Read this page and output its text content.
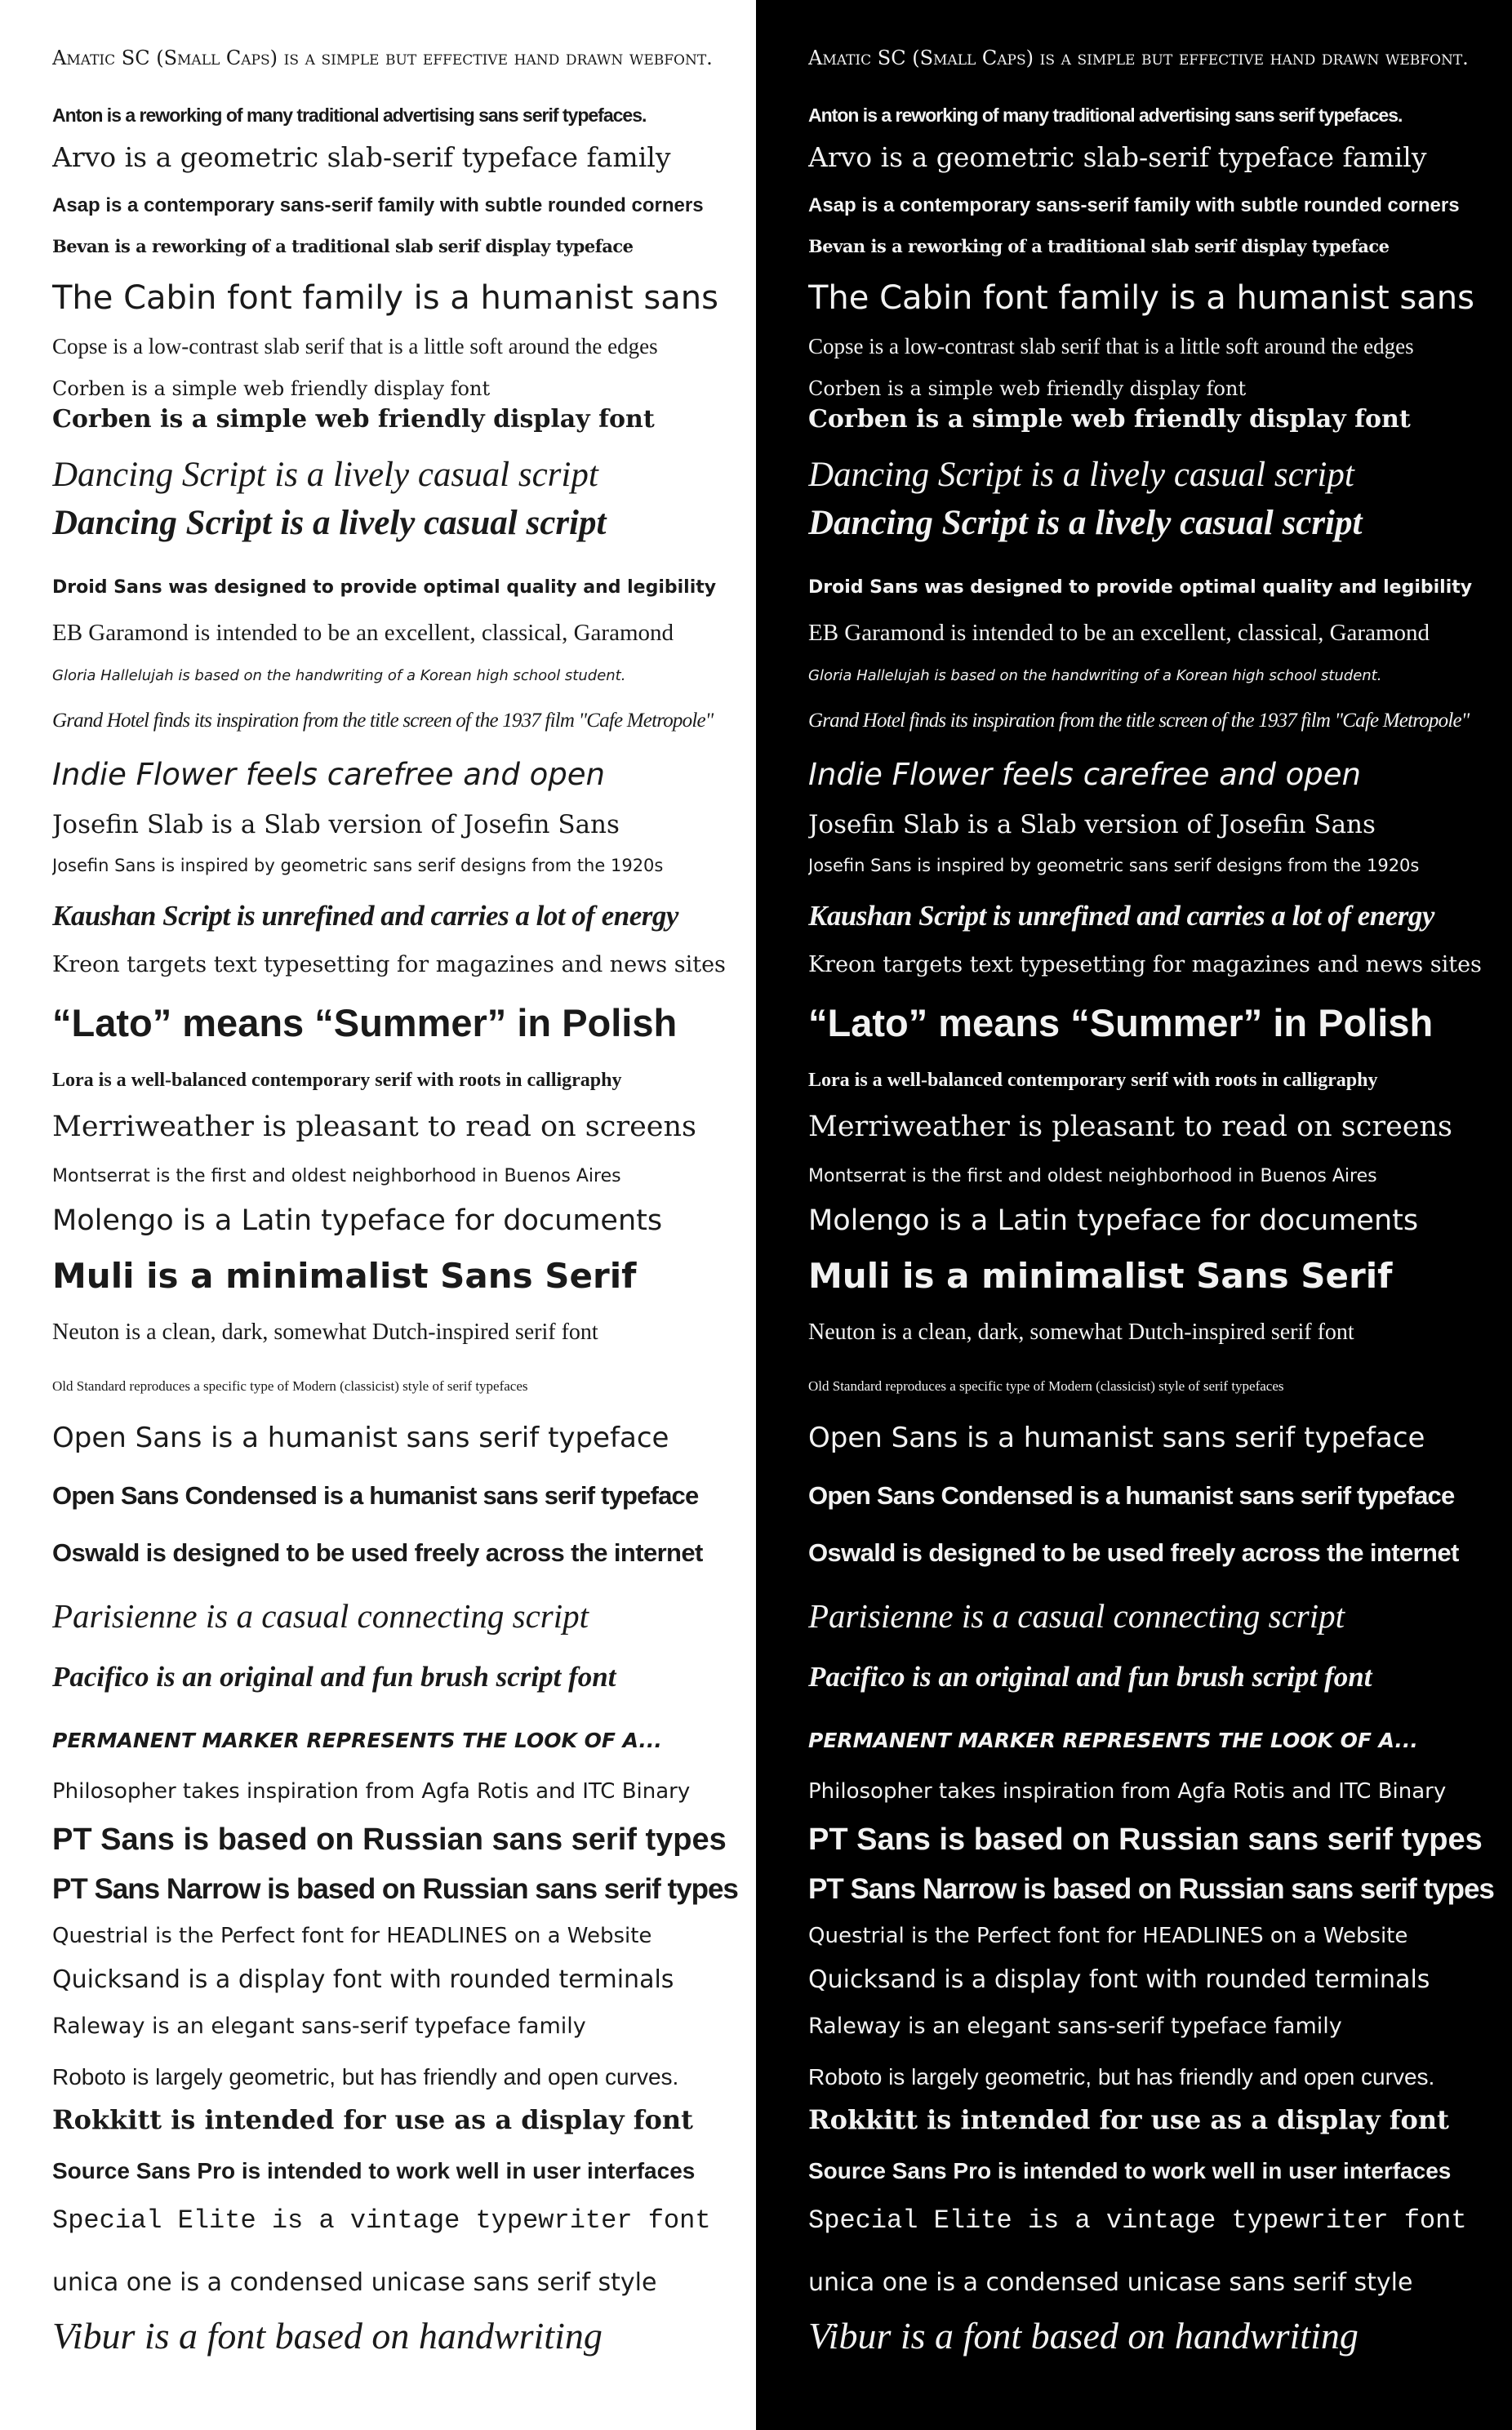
Amatic SC (Small Caps) is a simple but effective hand drawn webfont.

Anton is a reworking of many traditional advertising sans serif typefaces.

Arvo is a geometric slab-serif typeface family

Asap is a contemporary sans-serif family with subtle rounded corners

Bevan is a reworking of a traditional slab serif display typeface

The Cabin font family is a humanist sans

Copse is a low-contrast slab serif that is a little soft around the edges

Corben is a simple web friendly display font

Corben is a simple web friendly display font

Dancing Script is a lively casual script

Dancing Script is a lively casual script

Droid Sans was designed to provide optimal quality and legibility

EB Garamond is intended to be an excellent, classical, Garamond

Gloria Hallelujah is based on the handwriting of a Korean high school student.

Grand Hotel finds its inspiration from the title screen of the 1937 film "Cafe Metropole"

Indie Flower feels carefree and open

Josefin Slab is a Slab version of Josefin Sans

Josefin Sans is inspired by geometric sans serif designs from the 1920s

Kaushan Script is unrefined and carries a lot of energy

Kreon targets text typesetting for magazines and news sites

“Lato” means “Summer” in Polish

Lora is a well-balanced contemporary serif with roots in calligraphy

Merriweather is pleasant to read on screens

Montserrat is the first and oldest neighborhood in Buenos Aires

Molengo is a Latin typeface for documents

Muli is a minimalist Sans Serif

Neuton is a clean, dark, somewhat Dutch-inspired serif font

Old Standard reproduces a specific type of Modern (classicist) style of serif typefaces

Open Sans is a humanist sans serif typeface

Open Sans Condensed is a humanist sans serif typeface

Oswald is designed to be used freely across the internet

Parisienne is a casual connecting script

Pacifico is an original and fun brush script font

PERMANENT MARKER REPRESENTS THE LOOK OF A...

Philosopher takes inspiration from Agfa Rotis and ITC Binary

PT Sans is based on Russian sans serif types

PT Sans Narrow is based on Russian sans serif types

Questrial is the Perfect font for HEADLINES on a Website

Quicksand is a display font with rounded terminals

Raleway is an elegant sans-serif typeface family

Roboto is largely geometric, but has friendly and open curves.

Rokkitt is intended for use as a display font

Source Sans Pro is intended to work well in user interfaces

Special Elite is a vintage typewriter font

unica one is a condensed unicase sans serif style

Vibur is a font based on handwriting

Amatic SC (Small Caps) is a simple but effective hand drawn webfont.

Anton is a reworking of many traditional advertising sans serif typefaces.

Arvo is a geometric slab-serif typeface family

Asap is a contemporary sans-serif family with subtle rounded corners

Bevan is a reworking of a traditional slab serif display typeface

The Cabin font family is a humanist sans

Copse is a low-contrast slab serif that is a little soft around the edges

Corben is a simple web friendly display font

Corben is a simple web friendly display font

Dancing Script is a lively casual script

Dancing Script is a lively casual script

Droid Sans was designed to provide optimal quality and legibility

EB Garamond is intended to be an excellent, classical, Garamond

Gloria Hallelujah is based on the handwriting of a Korean high school student.

Grand Hotel finds its inspiration from the title screen of the 1937 film "Cafe Metropole"

Indie Flower feels carefree and open

Josefin Slab is a Slab version of Josefin Sans

Josefin Sans is inspired by geometric sans serif designs from the 1920s

Kaushan Script is unrefined and carries a lot of energy

Kreon targets text typesetting for magazines and news sites

“Lato” means “Summer” in Polish

Lora is a well-balanced contemporary serif with roots in calligraphy

Merriweather is pleasant to read on screens

Montserrat is the first and oldest neighborhood in Buenos Aires

Molengo is a Latin typeface for documents

Muli is a minimalist Sans Serif

Neuton is a clean, dark, somewhat Dutch-inspired serif font

Old Standard reproduces a specific type of Modern (classicist) style of serif typefaces

Open Sans is a humanist sans serif typeface

Open Sans Condensed is a humanist sans serif typeface

Oswald is designed to be used freely across the internet

Parisienne is a casual connecting script

Pacifico is an original and fun brush script font

PERMANENT MARKER REPRESENTS THE LOOK OF A...

Philosopher takes inspiration from Agfa Rotis and ITC Binary

PT Sans is based on Russian sans serif types

PT Sans Narrow is based on Russian sans serif types

Questrial is the Perfect font for HEADLINES on a Website

Quicksand is a display font with rounded terminals

Raleway is an elegant sans-serif typeface family

Roboto is largely geometric, but has friendly and open curves.

Rokkitt is intended for use as a display font

Source Sans Pro is intended to work well in user interfaces

Special Elite is a vintage typewriter font

unica one is a condensed unicase sans serif style

Vibur is a font based on handwriting
